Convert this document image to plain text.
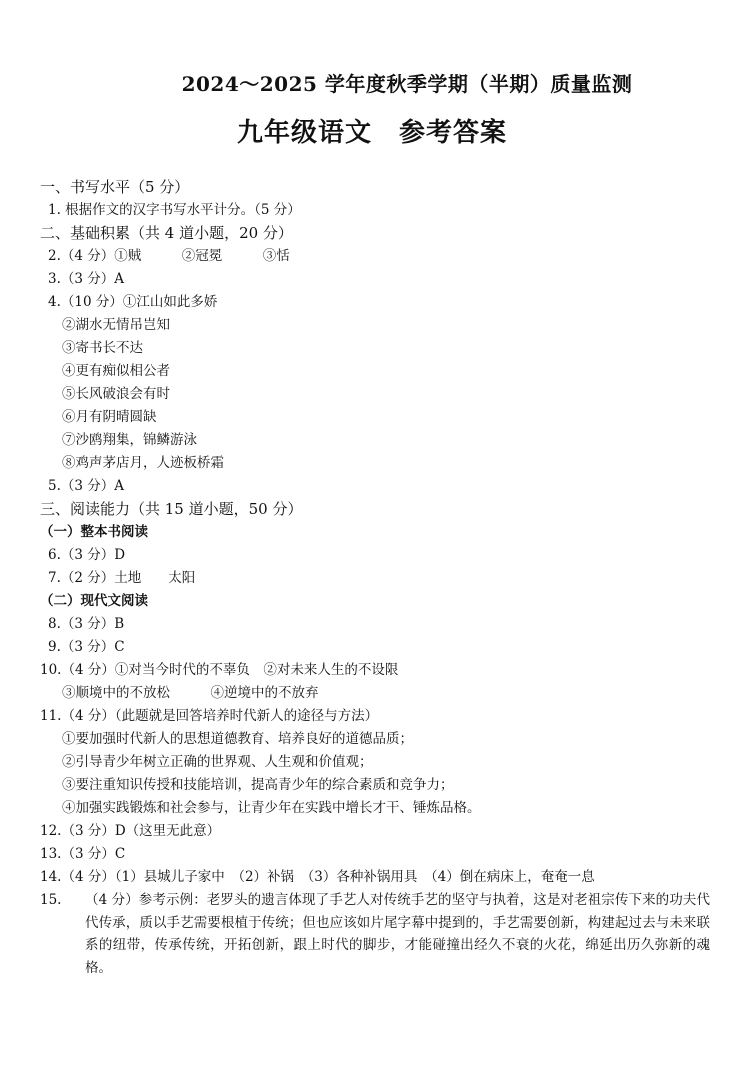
2024～2025 学年度秋季学期（半期）质量监测
九年级语文　参考答案
一、书写水平（5 分）
1. 根据作文的汉字书写水平计分。（5 分）
二、基础积累（共 4 道小题，20 分）
2.（4 分）①贼　　　②冠冕　　　③恬
3.（3 分）A
4.（10 分）①江山如此多娇
②湖水无情吊岂知
③寄书长不达
④更有痴似相公者
⑤长风破浪会有时
⑥月有阴晴圆缺
⑦沙鸥翔集，锦鳞游泳
⑧鸡声茅店月，人迹板桥霜
5.（3 分）A
三、阅读能力（共 15 道小题，50 分）
（一）整本书阅读
6.（3 分）D
7.（2 分）土地　　太阳
（二）现代文阅读
8.（3 分）B
9.（3 分）C
10.（4 分）①对当今时代的不辜负　②对未来人生的不设限
③顺境中的不放松　　　④逆境中的不放弃
11.（4 分）（此题就是回答培养时代新人的途径与方法）
①要加强时代新人的思想道德教育、培养良好的道德品质；
②引导青少年树立正确的世界观、人生观和价值观；
③要注重知识传授和技能培训，提高青少年的综合素质和竞争力；
④加强实践锻炼和社会参与，让青少年在实践中增长才干、锤炼品格。
12.（3 分）D（这里无此意）
13.（3 分）C
14.（4 分）（1）县城儿子家中　（2）补锅　（3）各种补锅用具　（4）倒在病床上，奄奄一息
15. （4 分）参考示例：老罗头的遗言体现了手艺人对传统手艺的坚守与执着，这是对老祖宗传下来的功夫代代传承，质以手艺需要根植于传统；但也应该如片尾字幕中提到的，手艺需要创新，构建起过去与未来联系的纽带，传承传统，开拓创新，跟上时代的脚步，才能碰撞出经久不衰的火花，绵延出历久弥新的魂格。
